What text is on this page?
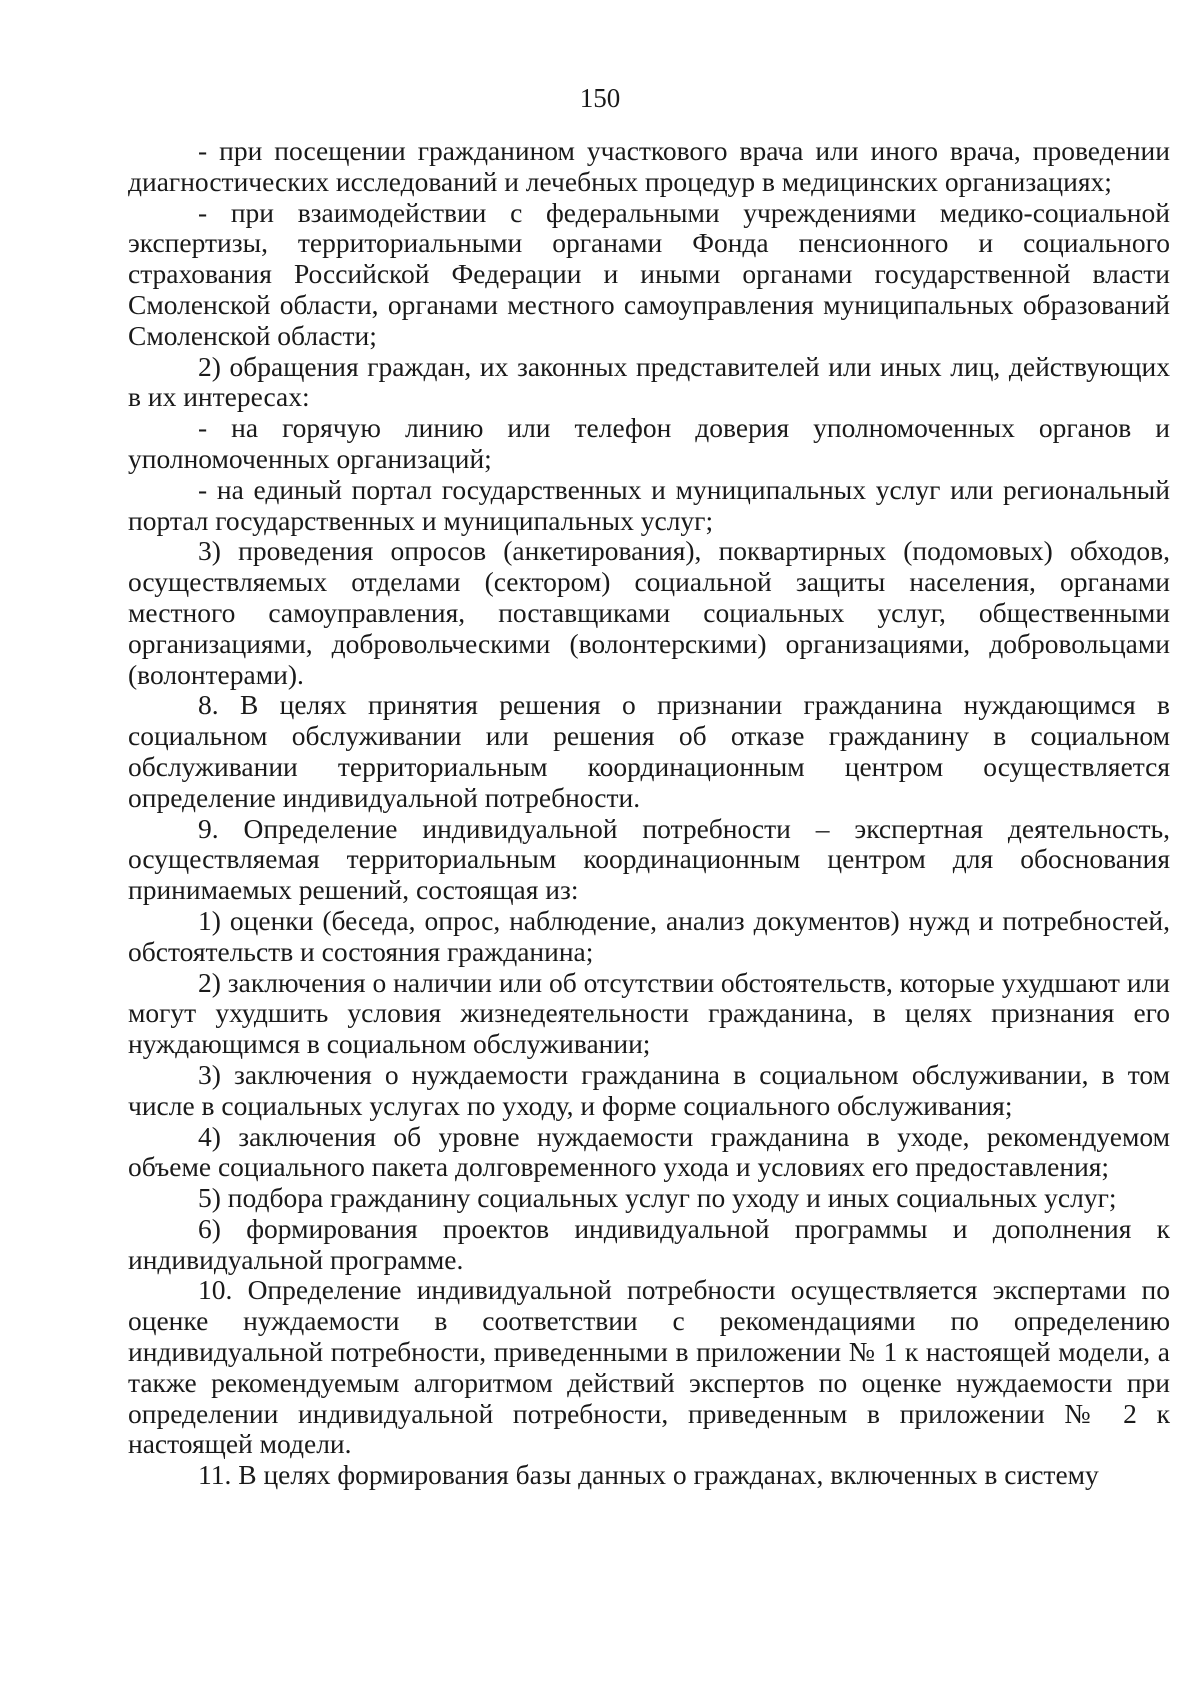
150

- при посещении гражданином участкового врача или иного врача, проведении диагностических исследований и лечебных процедур в медицинских организациях;

- при взаимодействии с федеральными учреждениями медико-социальной экспертизы, территориальными органами Фонда пенсионного и социального страхования Российской Федерации и иными органами государственной власти Смоленской области, органами местного самоуправления муниципальных образований Смоленской области;

2) обращения граждан, их законных представителей или иных лиц, действующих в их интересах:

- на горячую линию или телефон доверия уполномоченных органов и уполномоченных организаций;

- на единый портал государственных и муниципальных услуг или региональный портал государственных и муниципальных услуг;

3) проведения опросов (анкетирования), поквартирных (подомовых) обходов, осуществляемых отделами (сектором) социальной защиты населения, органами местного самоуправления, поставщиками социальных услуг, общественными организациями, добровольческими (волонтерскими) организациями, добровольцами (волонтерами).

8. В целях принятия решения о признании гражданина нуждающимся в социальном обслуживании или решения об отказе гражданину в социальном обслуживании территориальным координационным центром осуществляется определение индивидуальной потребности.

9. Определение индивидуальной потребности – экспертная деятельность, осуществляемая территориальным координационным центром для обоснования принимаемых решений, состоящая из:

1) оценки (беседа, опрос, наблюдение, анализ документов) нужд и потребностей, обстоятельств и состояния гражданина;

2) заключения о наличии или об отсутствии обстоятельств, которые ухудшают или могут ухудшить условия жизнедеятельности гражданина, в целях признания его нуждающимся в социальном обслуживании;

3) заключения о нуждаемости гражданина в социальном обслуживании, в том числе в социальных услугах по уходу, и форме социального обслуживания;

4) заключения об уровне нуждаемости гражданина в уходе, рекомендуемом объеме социального пакета долговременного ухода и условиях его предоставления;

5) подбора гражданину социальных услуг по уходу и иных социальных услуг;

6) формирования проектов индивидуальной программы и дополнения к индивидуальной программе.

10. Определение индивидуальной потребности осуществляется экспертами по оценке нуждаемости в соответствии с рекомендациями по определению индивидуальной потребности, приведенными в приложении № 1 к настоящей модели, а также рекомендуемым алгоритмом действий экспертов по оценке нуждаемости при определении индивидуальной потребности, приведенным в приложении № 2 к настоящей модели.

11. В целях формирования базы данных о гражданах, включенных в систему
